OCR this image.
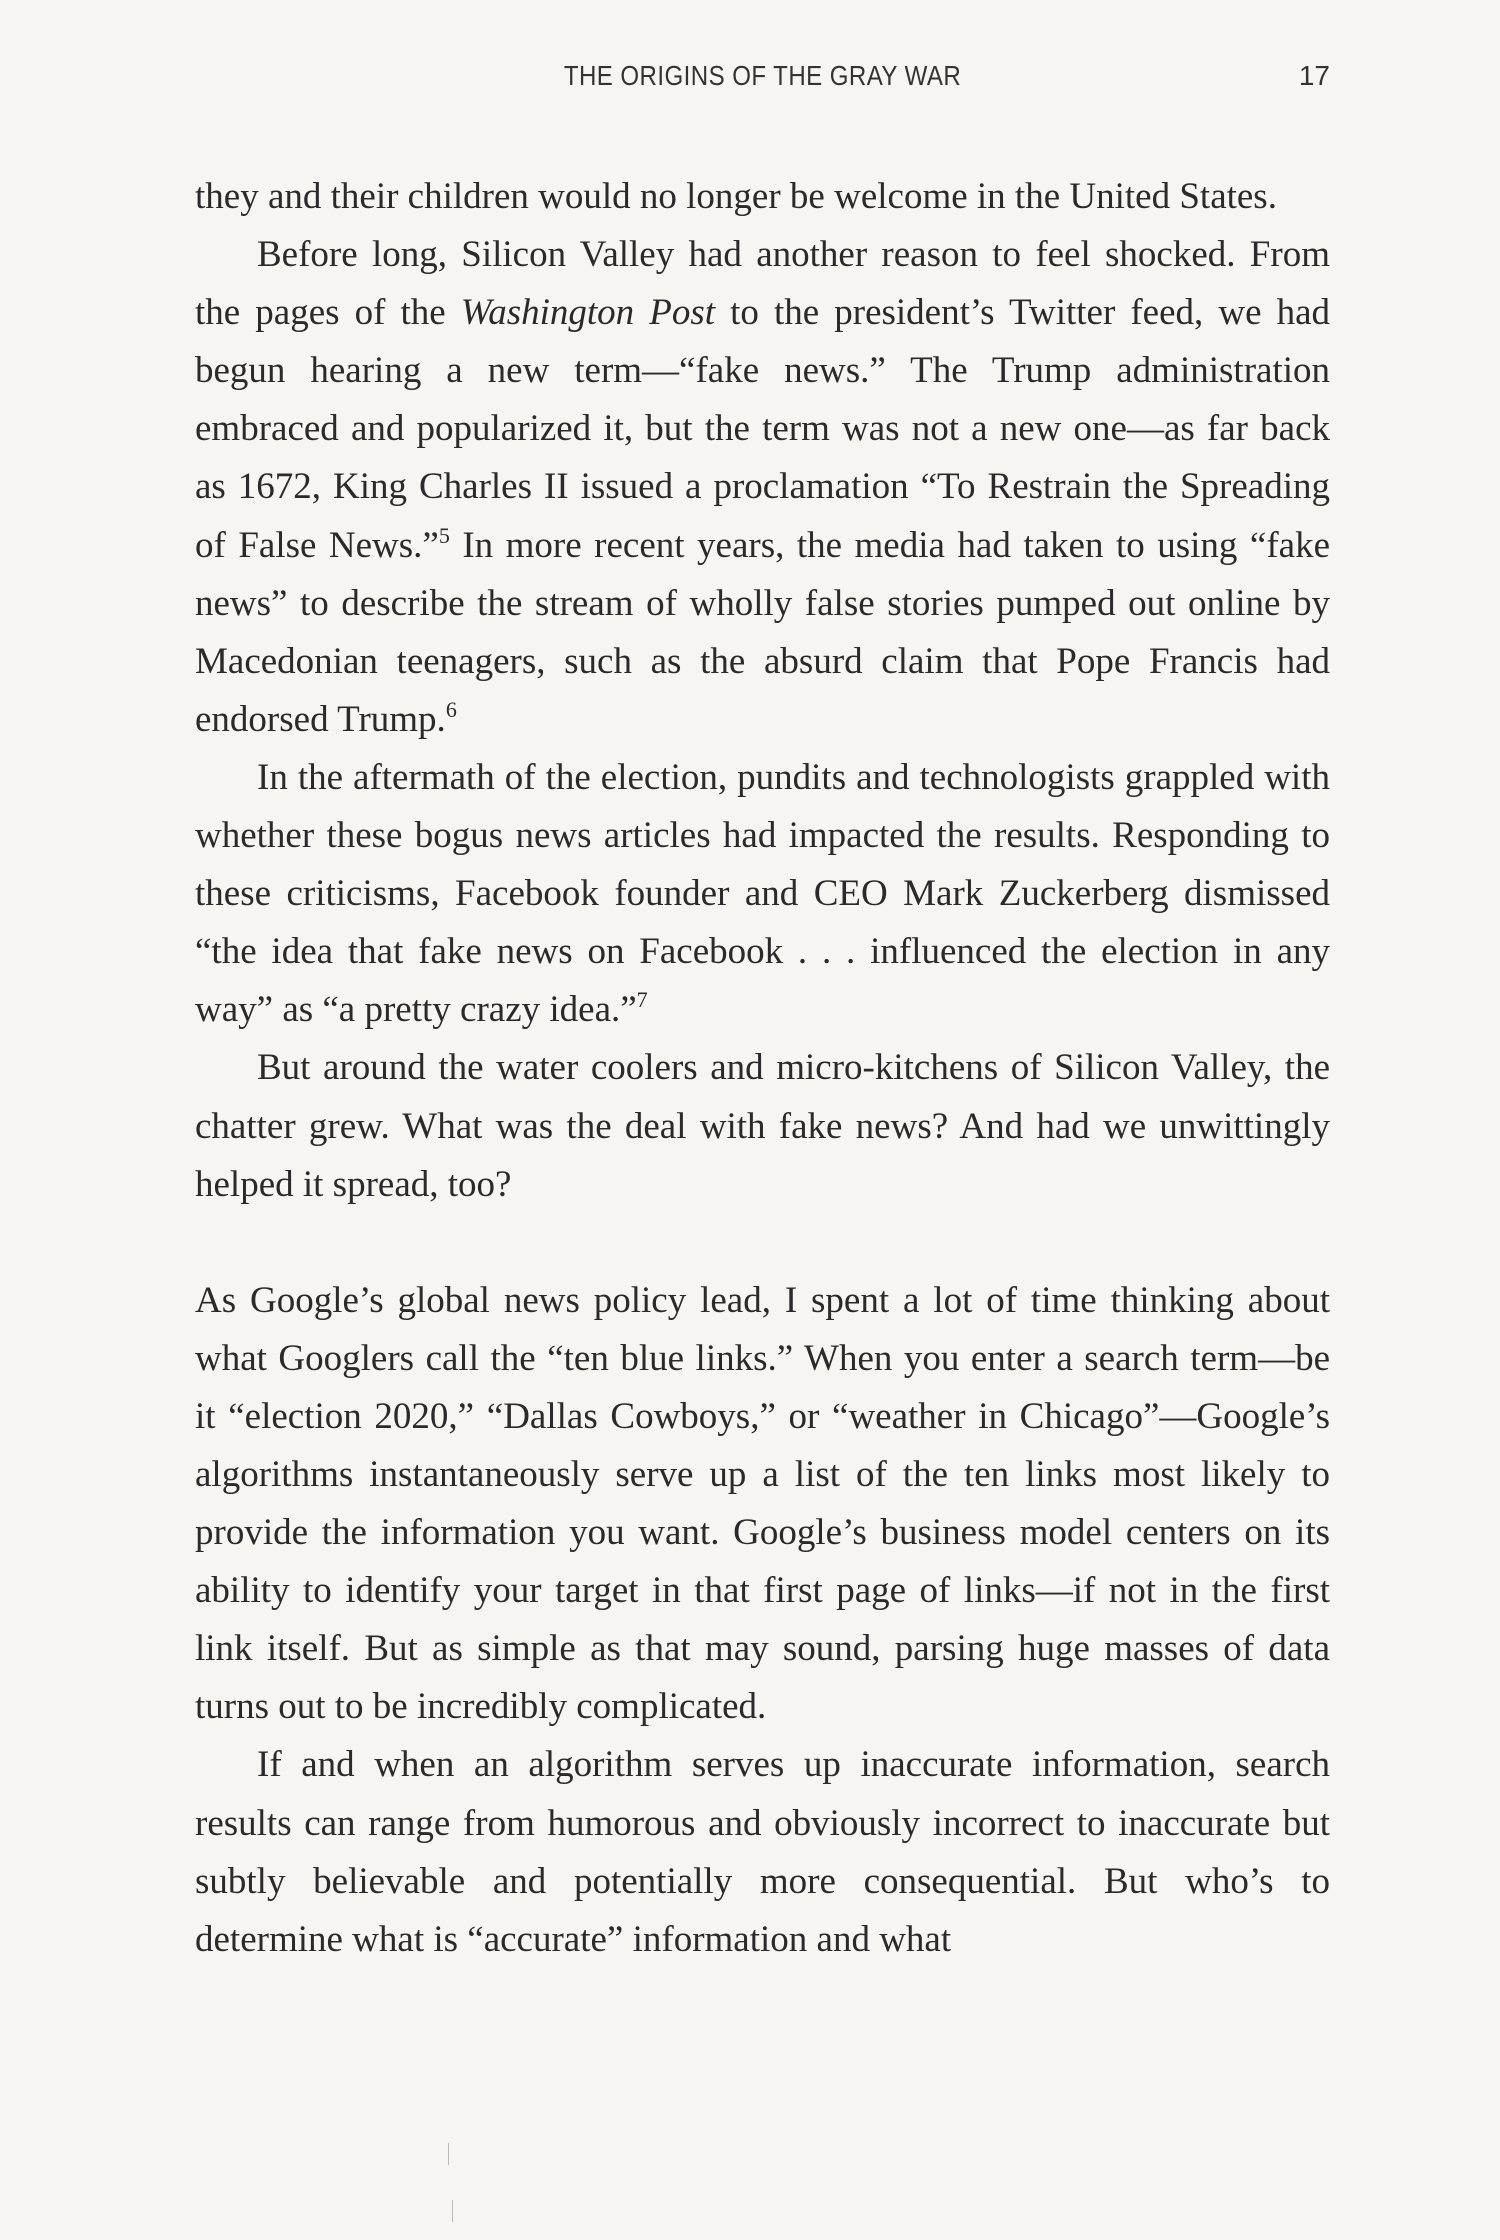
THE ORIGINS OF THE GRAY WAR	17

they and their children would no longer be welcome in the United States.

Before long, Silicon Valley had another reason to feel shocked. From the pages of the Washington Post to the president’s Twitter feed, we had begun hearing a new term—“fake news.” The Trump administration embraced and popularized it, but the term was not a new one—as far back as 1672, King Charles II issued a proclamation “To Restrain the Spreading of False News.”$^5$ In more recent years, the media had taken to using “fake news” to describe the stream of wholly false stories pumped out online by Macedonian teenagers, such as the absurd claim that Pope Francis had endorsed Trump.$^6$

In the aftermath of the election, pundits and technologists grappled with whether these bogus news articles had impacted the results. Responding to these criticisms, Facebook founder and CEO Mark Zuckerberg dismissed “the idea that fake news on Facebook . . . influenced the election in any way” as “a pretty crazy idea.”$^7$

But around the water coolers and micro-kitchens of Silicon Valley, the chatter grew. What was the deal with fake news? And had we unwittingly helped it spread, too?

As Google’s global news policy lead, I spent a lot of time thinking about what Googlers call the “ten blue links.” When you enter a search term—be it “election 2020,” “Dallas Cowboys,” or “weather in Chicago”—Google’s algorithms instantaneously serve up a list of the ten links most likely to provide the information you want. Google’s business model centers on its ability to identify your target in that first page of links—if not in the first link itself. But as simple as that may sound, parsing huge masses of data turns out to be incredibly complicated.

If and when an algorithm serves up inaccurate information, search results can range from humorous and obviously incorrect to inaccurate but subtly believable and potentially more consequential. But who’s to determine what is “accurate” information and what
